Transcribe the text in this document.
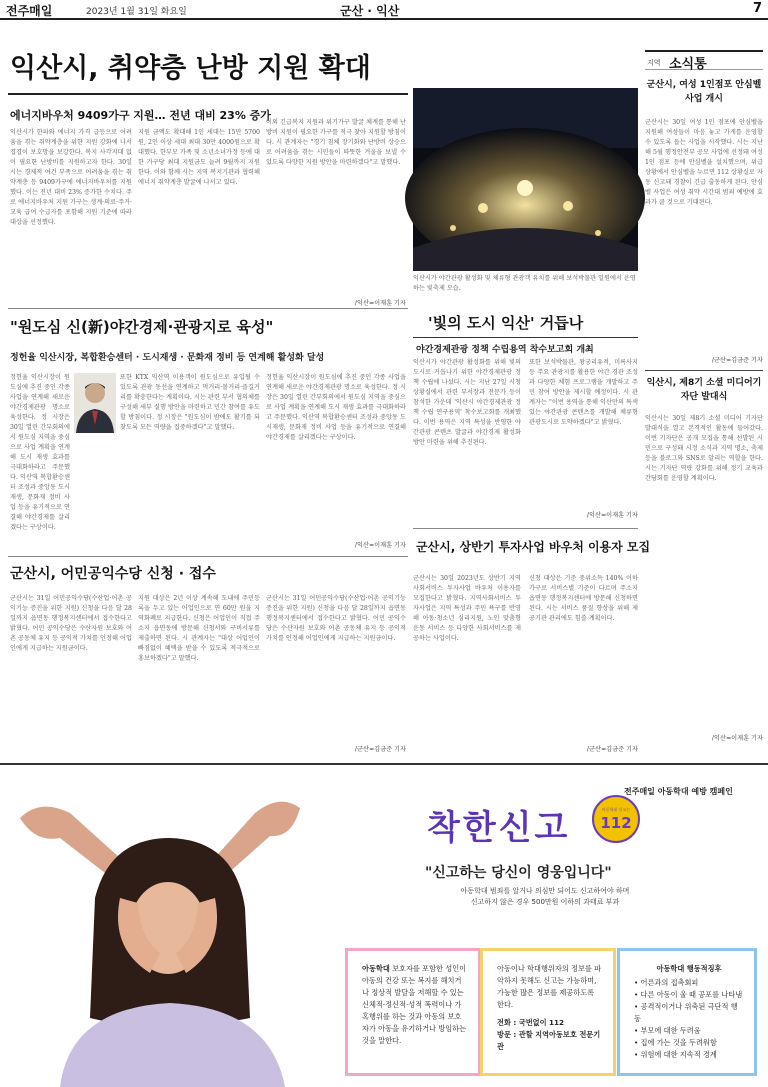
전주매일	2023년 1월 31일 화요일	군산 · 익산	7
익산시, 취약층 난방 지원 확대
에너지바우처 9409가구 지원… 전년 대비 23% 증가
익산시가 한파와 에너지 가격 급등으로 어려움을 겪는 취약계층을 위한 지원 강화에 나서 겹겹이 보호망을 보강한다. 복지 사각지대 없이 필요한 난방비를 지원하고자 한다. 30일 시는 경제적 여건 부족으로 어려움을 겪는 취약계층 등 9409가구에 에너지바우처를 지원했다. 이는 전년 대비 23% 증가한 수치다. 주로 에너지바우처 지원 가구는 생계·의료·주거·교육 급여 수급자를 포함해 지원 기준에 따라 대상을 선정했다.
지원 금액도 확대해 1인 세대는 15만 5700원, 2인 이상 세대 최대 30만 4000원으로 확대했다. 한부모 가족 및 소년소녀가정 등에 대한 가구당 최대 지원금도 늘려 9월까지 지원한다. 이와 함께 시는 지역 복지기관과 협력해 에너지 취약계층 발굴에 나서고 있다.
이외 긴급복지 지원과 위기가구 발굴 체계를 통해 난방비 지원이 필요한 가구를 적극 찾아 지원할 방침이다. 시 관계자는 "경기 침체 장기화와 난방비 상승으로 어려움을 겪는 시민들이 따뜻한 겨울을 보낼 수 있도록 다양한 지원 방안을 마련하겠다"고 말했다.
/익산=이재훈 기자
익산시가 야간관광 활성화 및 체류형 관광객 유치를 위해 보석박물관 일원에서 운영하는 빛축제 모습.
'빛의 도시 익산' 거듭나
야간경제관광 정책 수립용역 착수보고회 개최
익산시가 야간관광 활성화를 위해 빛의 도시로 거듭나기 위한 야간경제관광 정책 수립에 나섰다. 시는 지난 27일 시청 상황실에서 관련 부서장과 전문가 등이 참석한 가운데 '익산시 야간경제관광 정책 수립 연구용역' 착수보고회를 개최했다. 이번 용역은 지역 특성을 반영한 야간관광 콘텐츠 발굴과 야간경제 활성화 방안 마련을 위해 추진된다.
또한 보석박물관, 왕궁리유적, 미륵사지 등 주요 관광지를 활용한 야간 경관 조성과 다양한 체험 프로그램을 개발하고 주민 참여 방안을 제시할 예정이다. 시 관계자는 "이번 용역을 통해 익산만의 특색 있는 야간관광 콘텐츠를 개발해 체류형 관광도시로 도약하겠다"고 밝혔다.
/익산=이재훈 기자
"원도심 신(新)야간경제·관광지로 육성"
정헌율 익산시장, 복합환승센터 · 도시재생 · 문화재 정비 등 연계해 활성화 달성
정헌율 익산시장이 원도심에 추진 중인 각종 사업을 연계해 새로운 야간경제관광 명소로 육성한다. 정 시장은 30일 열린 간부회의에서 원도심 지역을 중심으로 사업 계획을 연계해 도시 재생 효과를 극대화하라고 주문했다. 익산역 복합환승센터 조성과 중앙동 도시재생, 문화재 정비 사업 등을 유기적으로 연결해 야간경제를 살리겠다는 구상이다.
또한 KTX 익산역 이용객이 원도심으로 유입될 수 있도록 관광 동선을 연계하고 먹거리·볼거리·즐길거리를 확충한다는 계획이다. 시는 관련 부서 협의체를 구성해 세부 실행 방안을 마련하고 민간 참여를 유도할 방침이다. 정 시장은 "원도심이 밤에도 활기를 되찾도록 모든 역량을 집중하겠다"고 말했다.
정헌율 익산시장이 원도심에 추진 중인 각종 사업을 연계해 새로운 야간경제관광 명소로 육성한다. 정 시장은 30일 열린 간부회의에서 원도심 지역을 중심으로 사업 계획을 연계해 도시 재생 효과를 극대화하라고 주문했다. 익산역 복합환승센터 조성과 중앙동 도시재생, 문화재 정비 사업 등을 유기적으로 연결해 야간경제를 살리겠다는 구상이다.
/익산=이재훈 기자
군산시, 어민공익수당 신청 · 접수
군산시는 31일 어민공익수당(수산업·어촌 공익기능 증진을 위한 지원) 신청을 다음 달 28일까지 읍면동 행정복지센터에서 접수한다고 밝혔다. 어민 공익수당은 수산자원 보호와 어촌 공동체 유지 등 공익적 가치를 인정해 어업인에게 지급하는 지원금이다.
지원 대상은 2년 이상 계속해 도내에 주민등록을 두고 있는 어업인으로 연 60만 원을 지역화폐로 지급한다. 신청은 어업인이 직접 주소지 읍면동에 방문해 신청서와 구비서류를 제출하면 된다. 시 관계자는 "대상 어업인이 빠짐없이 혜택을 받을 수 있도록 적극적으로 홍보하겠다"고 말했다.
군산시는 31일 어민공익수당(수산업·어촌 공익기능 증진을 위한 지원) 신청을 다음 달 28일까지 읍면동 행정복지센터에서 접수한다고 밝혔다. 어민 공익수당은 수산자원 보호와 어촌 공동체 유지 등 공익적 가치를 인정해 어업인에게 지급하는 지원금이다.
/군산=김금준 기자
군산시, 상반기 투자사업 바우처 이용자 모집
군산시는 30일 2023년도 상반기 지역사회서비스 투자사업 바우처 이용자를 모집한다고 밝혔다. 지역사회서비스 투자사업은 지역 특성과 주민 욕구를 반영해 아동·청소년 심리지원, 노인 맞춤형 운동 서비스 등 다양한 사회서비스를 제공하는 사업이다.
신청 대상은 기준 중위소득 140% 이하 가구로 서비스별 기준이 다르며 주소지 읍면동 행정복지센터에 방문해 신청하면 된다. 시는 서비스 품질 향상을 위해 제공기관 관리에도 힘쓸 계획이다.
/군산=김금준 기자
지역 소식통
군산시, 여성 1인점포 안심벨사업 개시
군산시는 30일 여성 1인 점포에 안심벨을 지원해 여성들이 마음 놓고 가게를 운영할 수 있도록 돕는 사업을 시작했다. 시는 지난해 5월 행정안전부 공모 사업에 선정돼 여성 1인 점포 등에 안심벨을 설치했으며, 위급 상황에서 안심벨을 누르면 112 상황실로 자동 신고돼 경찰이 긴급 출동하게 된다. 안심벨 사업은 여성 취약 시간대 범죄 예방에 효과가 클 것으로 기대된다.
/군산=김금준 기자
익산시, 제8기 소셜 미디어기자단 발대식
익산시는 30일 제8기 소셜 미디어 기자단 발대식을 열고 본격적인 활동에 들어갔다. 이번 기자단은 공개 모집을 통해 선발된 시민으로 구성돼 시정 소식과 지역 명소, 축제 등을 블로그와 SNS로 알리는 역할을 한다. 시는 기자단 역량 강화를 위해 정기 교육과 간담회를 운영할 계획이다.
/익산=이재훈 기자
전주매일 아동학대 예방 캠페인
착한신고	아동학대 신고는
112
"신고하는 당신이 영웅입니다"
아동학대 범죄를 알거나 의심만 되어도 신고하여야 하며
신고하지 않은 경우 500만원 이하의 과태료 부과
아동학대 보호자를 포함한 성인이 아동의 건강 또는 복지를 해치거나 정상적 발달을 저해할 수 있는 신체적·정신적·성적 폭력이나 가혹행위를 하는 것과 아동의 보호자가 아동을 유기하거나 방임하는 것을 말한다.
아동이나 학대행위자의 정보를 파악하지 못해도 신고는 가능하며, 가능한 많은 정보를 제공하도록 한다.
전화 : 국번없이 112
방문 : 관할 지역아동보호 전문기관
아동학대 행동적징후
• 어른과의 접촉회피
• 다른 아동이 울 때 공포를 나타냄
• 공격적이거나 위축된 극단적 행동
• 부모에 대한 두려움
• 집에 가는 것을 두려워함
• 위험에 대한 지속적 경계
